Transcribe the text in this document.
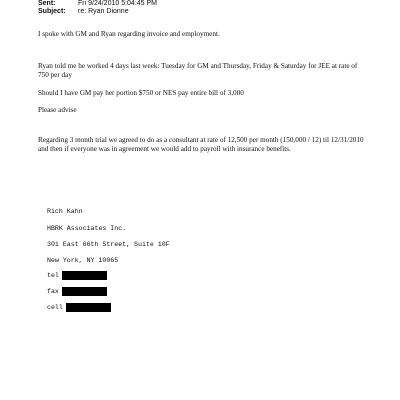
Sent:	Fri 9/24/2010 5:04:45 PM
Subject: re: Ryan Dionne

I spoke with GM and Ryan regarding invoice and employment.

Ryan told me he worked 4 days last week: Tuesday for GM and Thursday, Friday & Saturday for JEE at rate of 750 per day

Should I have GM pay her portion $750 or NES pay entire bill of 3,000

Please advise

Regarding 3 month trial we agreed to do as a consultant at rate of 12,500 per month (150,000 / 12) til 12/31/2010 and then if everyone was in agreement we would add to payroll with insurance benefits.

Rich Kahn
HBRK Associates Inc.
301 East 66th Street, Suite 10F
New York, NY 10065
tel
fax
cell
